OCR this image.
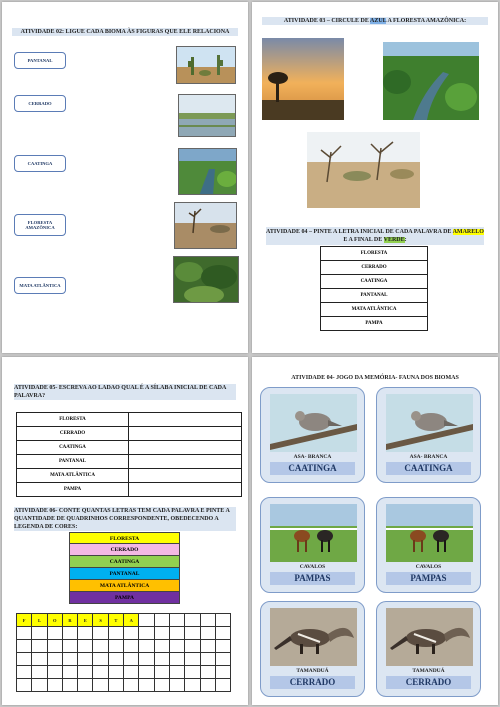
ATIVIDADE 02: LIGUE CADA BIOMA ÀS FIGURAS QUE ELE RELACIONA
PANTANAL
CERRADO
CAATINGA
FLORESTA AMAZÔNICA
MATA ATLÂNTICA
ATIVIDADE 03 – CIRCULE DE AZUL A FLORESTA AMAZÔNICA:
ATIVIDADE 04 – PINTE A LETRA INICIAL DE CADA PALAVRA DE AMARELO E A FINAL DE VERDE:
FLORESTA
CERRADO
CAATINGA
PANTANAL
MATA ATLÂNTICA
PAMPA
ATIVIDADE 05- ESCREVA AO LADAO QUAL É A SÍLABA INICIAL DE CADA PALAVRA?
FLORESTA	
CERRADO	
CAATINGA	
PANTANAL	
MATA ATLÂNTICA	
PAMPA	
ATIVIDADE 06- CONTE QUANTAS LETRAS TEM CADA PALAVRA E PINTE A QUANTIDADE DE QUADRINHOS CORRESPONDENTE, OBEDECENDO A LEGENDA DE CORES:
FLORESTA
CERRADO
CAATINGA
PANTANAL
MATA ATLÂNTICA
PAMPA
F	L	O	R	E	S	T	A						

ATIVIDADE 04- JOGO DA MEMÓRIA- FAUNA DOS BIOMAS
ASA- BRANCA
CAATINGA
ASA- BRANCA
CAATINGA
CAVALOS
PAMPAS
CAVALOS
PAMPAS
TAMANDUÁ
CERRADO
TAMANDUÁ
CERRADO
